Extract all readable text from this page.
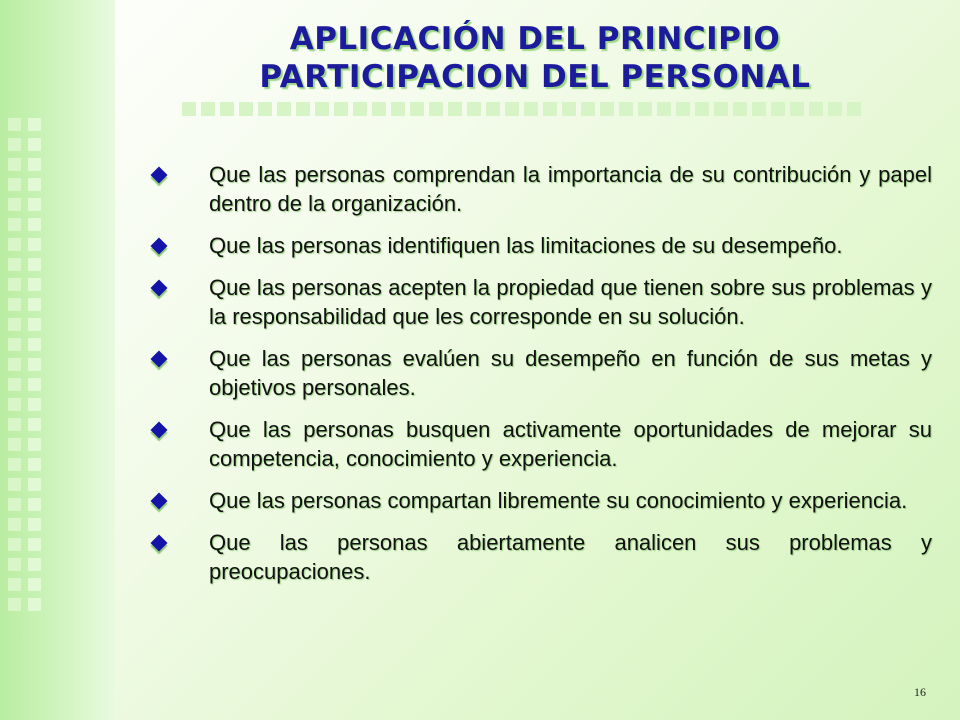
APLICACIÓN DEL PRINCIPIO
PARTICIPACION DEL PERSONAL
Que las personas comprendan la importancia de su contribución y papel dentro de la organización.
Que las personas identifiquen las limitaciones de su desempeño.
Que las personas acepten la propiedad que tienen sobre sus problemas y la responsabilidad que les corresponde en su solución.
Que las personas evalúen su desempeño en función de sus metas y objetivos personales.
Que las personas busquen activamente oportunidades de mejorar su competencia, conocimiento y experiencia.
Que las personas compartan libremente su conocimiento y experiencia.
Que las personas abiertamente analicen sus problemas y preocupaciones.
16
